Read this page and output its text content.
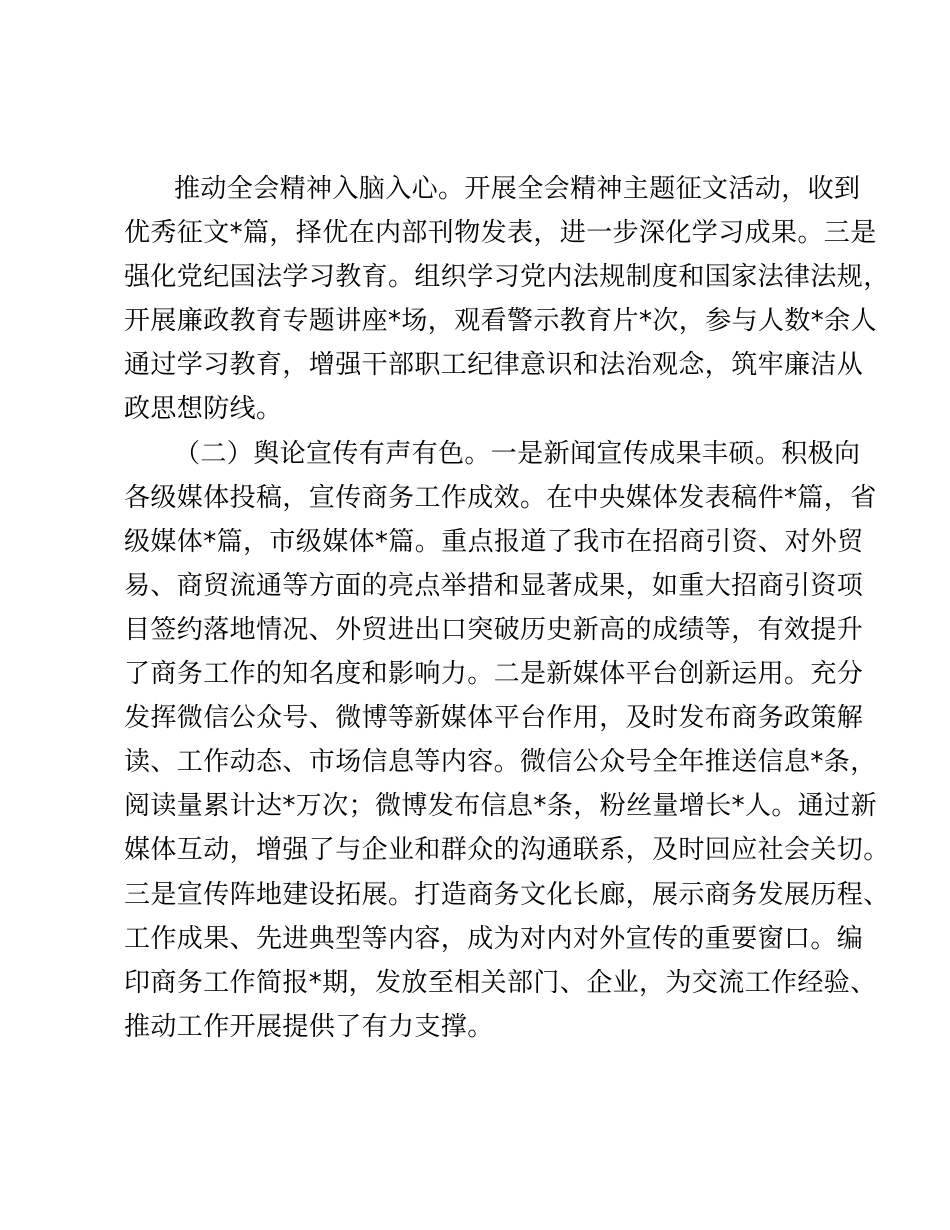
推动全会精神入脑入心。开展全会精神主题征文活动，收到
优秀征文*篇，择优在内部刊物发表，进一步深化学习成果。三是
强化党纪国法学习教育。组织学习党内法规制度和国家法律法规，
开展廉政教育专题讲座*场，观看警示教育片*次，参与人数*余人
通过学习教育，增强干部职工纪律意识和法治观念，筑牢廉洁从
政思想防线。
（二）舆论宣传有声有色。一是新闻宣传成果丰硕。积极向
各级媒体投稿，宣传商务工作成效。在中央媒体发表稿件*篇，省
级媒体*篇，市级媒体*篇。重点报道了我市在招商引资、对外贸
易、商贸流通等方面的亮点举措和显著成果，如重大招商引资项
目签约落地情况、外贸进出口突破历史新高的成绩等，有效提升
了商务工作的知名度和影响力。二是新媒体平台创新运用。充分
发挥微信公众号、微博等新媒体平台作用，及时发布商务政策解
读、工作动态、市场信息等内容。微信公众号全年推送信息*条，
阅读量累计达*万次；微博发布信息*条，粉丝量增长*人。通过新
媒体互动，增强了与企业和群众的沟通联系，及时回应社会关切。
三是宣传阵地建设拓展。打造商务文化长廊，展示商务发展历程、
工作成果、先进典型等内容，成为对内对外宣传的重要窗口。编
印商务工作简报*期，发放至相关部门、企业，为交流工作经验、
推动工作开展提供了有力支撑。
